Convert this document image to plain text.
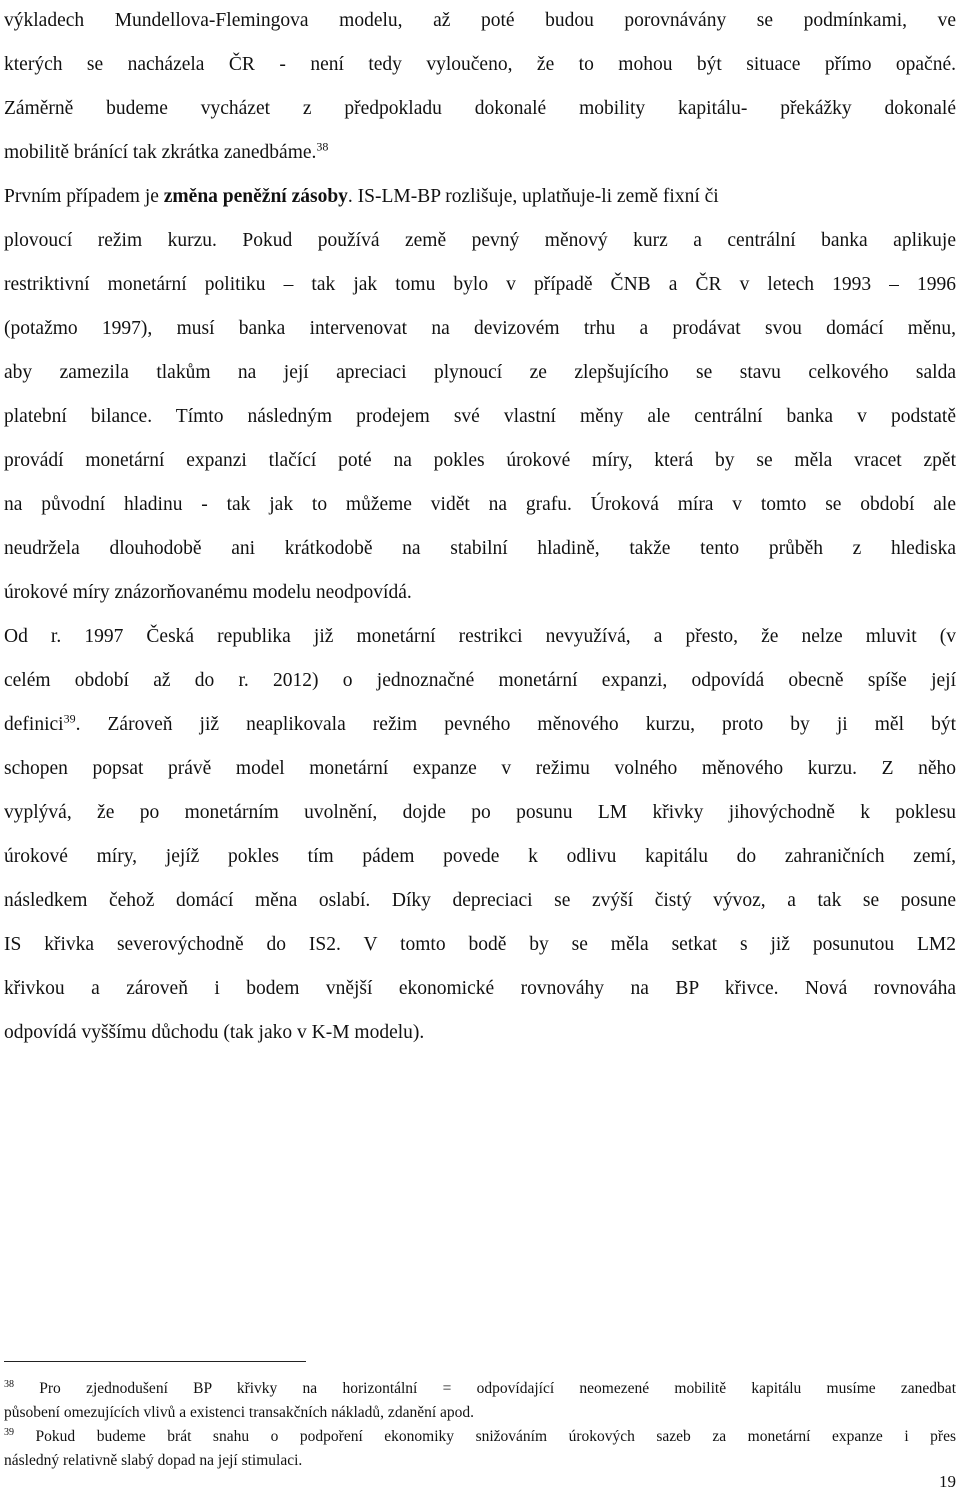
výkladech Mundellova-Flemingova modelu, až poté budou porovnávány se podmínkami, ve
kterých se nacházela ČR - není tedy vyloučeno, že to mohou být situace přímo opačné.
Záměrně budeme vycházet z předpokladu dokonalé mobility kapitálu- překážky dokonalé
mobilitě bránící tak zkrátka zanedbáme.$^{38}$
Prvním případem je změna peněžní zásoby. IS-LM-BP rozlišuje, uplatňuje-li země fixní či
plovoucí režim kurzu. Pokud používá země pevný měnový kurz a centrální banka aplikuje
restriktivní monetární politiku – tak jak tomu bylo v případě ČNB a ČR v letech 1993 – 1996
(potažmo 1997), musí banka intervenovat na devizovém trhu a prodávat svou domácí měnu,
aby zamezila tlakům na její apreciaci plynoucí ze zlepšujícího se stavu celkového salda
platební bilance. Tímto následným prodejem své vlastní měny ale centrální banka v podstatě
provádí monetární expanzi tlačící poté na pokles úrokové míry, která by se měla vracet zpět
na původní hladinu - tak jak to můžeme vidět na grafu. Úroková míra v tomto se období ale
neudržela dlouhodobě ani krátkodobě na stabilní hladině, takže tento průběh z hlediska
úrokové míry znázorňovanému modelu neodpovídá.
Od r. 1997 Česká republika již monetární restrikci nevyužívá, a přesto, že nelze mluvit (v
celém období až do r. 2012) o jednoznačné monetární expanzi, odpovídá obecně spíše její
definici$^{39}$. Zároveň již neaplikovala režim pevného měnového kurzu, proto by ji měl být
schopen popsat právě model monetární expanze v režimu volného měnového kurzu. Z něho
vyplývá, že po monetárním uvolnění, dojde po posunu LM křivky jihovýchodně k poklesu
úrokové míry, jejíž pokles tím pádem povede k odlivu kapitálu do zahraničních zemí,
následkem čehož domácí měna oslabí. Díky depreciaci se zvýší čistý vývoz, a tak se posune
IS křivka severovýchodně do IS2. V tomto bodě by se měla setkat s již posunutou LM2
křivkou a zároveň i bodem vnější ekonomické rovnováhy na BP křivce. Nová rovnováha
odpovídá vyššímu důchodu (tak jako v K-M modelu).
$^{38}$ Pro zjednodušení BP křivky na horizontální = odpovídající neomezené mobilitě kapitálu musíme zanedbat
působení omezujících vlivů a existenci transakčních nákladů, zdanění apod.
$^{39}$ Pokud budeme brát snahu o podpoření ekonomiky snižováním úrokových sazeb za monetární expanze i přes
následný relativně slabý dopad na její stimulaci.
19
